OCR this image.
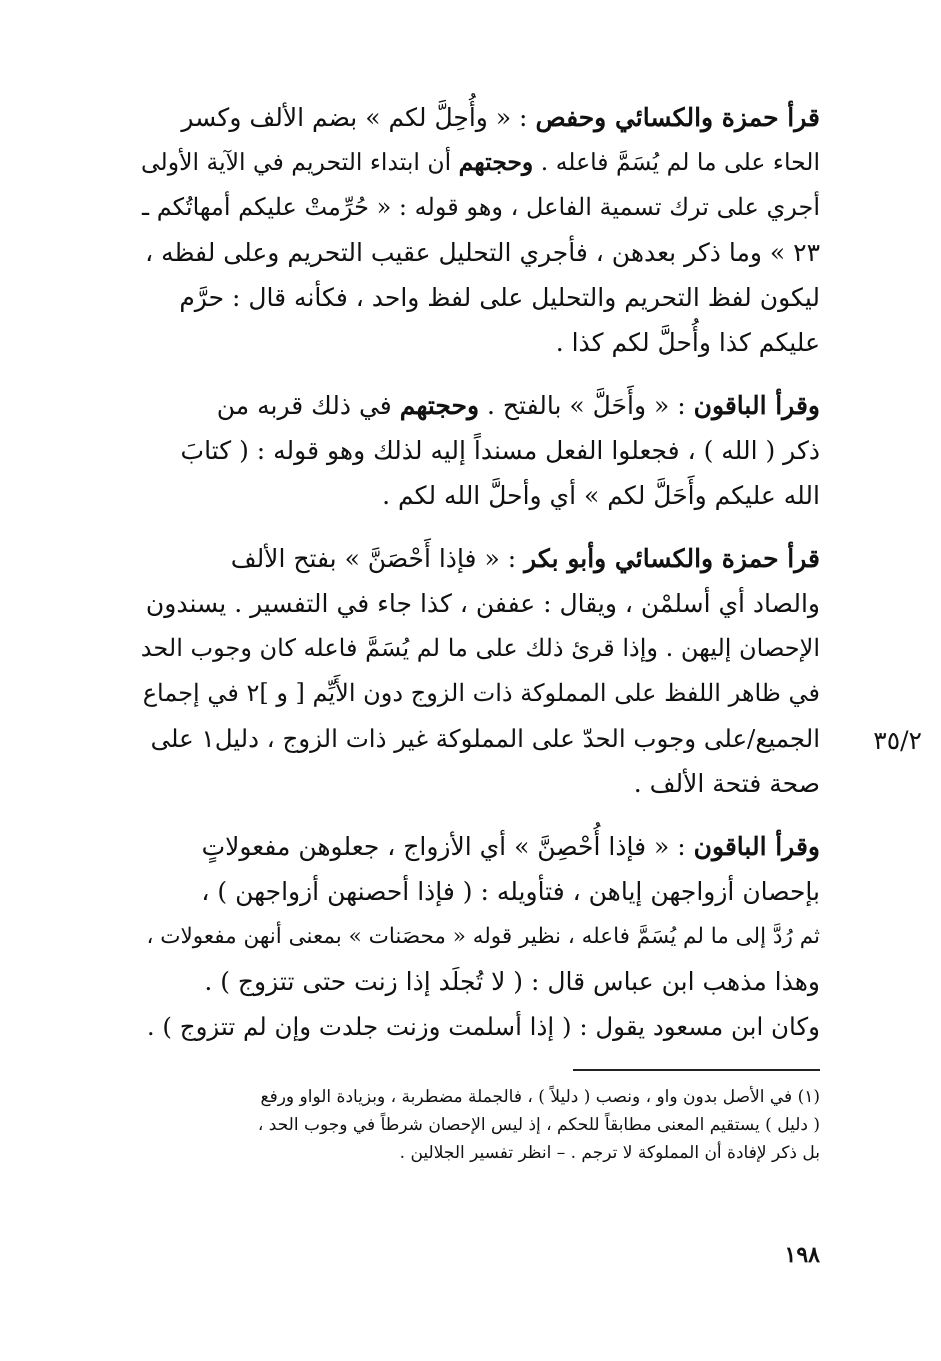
قرأ حمزة والكسائي وحفص : « وأُحِلَّ لكم » بضم الألف وكسر

الحاء على ما لم يُسَمَّ فاعله . وحجتهم أن ابتداء التحريم في الآية الأولى

أجري على ترك تسمية الفاعل ، وهو قوله : « حُرِّمتْ عليكم أمهاتُكم ـ

٢٣ » وما ذكر بعدهن ، فأجري التحليل عقيب التحريم وعلى لفظه ،

ليكون لفظ التحريم والتحليل على لفظ واحد ، فكأنه قال : حرَّم

عليكم كذا وأُحلَّ لكم كذا .

وقرأ الباقون : « وأَحَلَّ » بالفتح . وحجتهم في ذلك قربه من

ذكر ( الله ) ، فجعلوا الفعل مسنداً إليه لذلك وهو قوله : ( كتابَ

الله عليكم وأَحَلَّ لكم » أي وأحلَّ الله لكم .

قرأ حمزة والكسائي وأبو بكر : « فإذا أَحْصَنَّ » بفتح الألف

والصاد أي أسلمْن ، ويقال : عففن ، كذا جاء في التفسير . يسندون

الإحصان إليهن . وإذا قرئ ذلك على ما لم يُسَمَّ فاعله كان وجوب الحد

في ظاهر اللفظ على المملوكة ذات الزوج دون الأَيِّم [ و ]٢ في إجماع

الجميع/على وجوب الحدّ على المملوكة غير ذات الزوج ، دليل١ على

صحة فتحة الألف .

وقرأ الباقون : « فإذا أُحْصِنَّ » أي الأزواج ، جعلوهن مفعولاتٍ

بإحصان أزواجهن إياهن ، فتأويله : ( فإذا أحصنهن أزواجهن ) ،

ثم رُدَّ إلى ما لم يُسَمَّ فاعله ، نظير قوله « محصَنات » بمعنى أنهن مفعولات ،

وهذا مذهب ابن عباس قال : ( لا تُجلَد إذا زنت حتى تتزوج ) .

وكان ابن مسعود يقول : ( إذا أسلمت وزنت جلدت وإن لم تتزوج ) .

٣٥/٢

(١) في الأصل بدون واو ، ونصب ( دليلاً ) ، فالجملة مضطربة ، وبزيادة الواو ورفع

( دليل ) يستقيم المعنى مطابقاً للحكم ، إذ ليس الإحصان شرطاً في وجوب الحد ،

بل ذكر لإفادة أن المملوكة لا ترجم . – انظر تفسير الجلالين .

١٩٨
